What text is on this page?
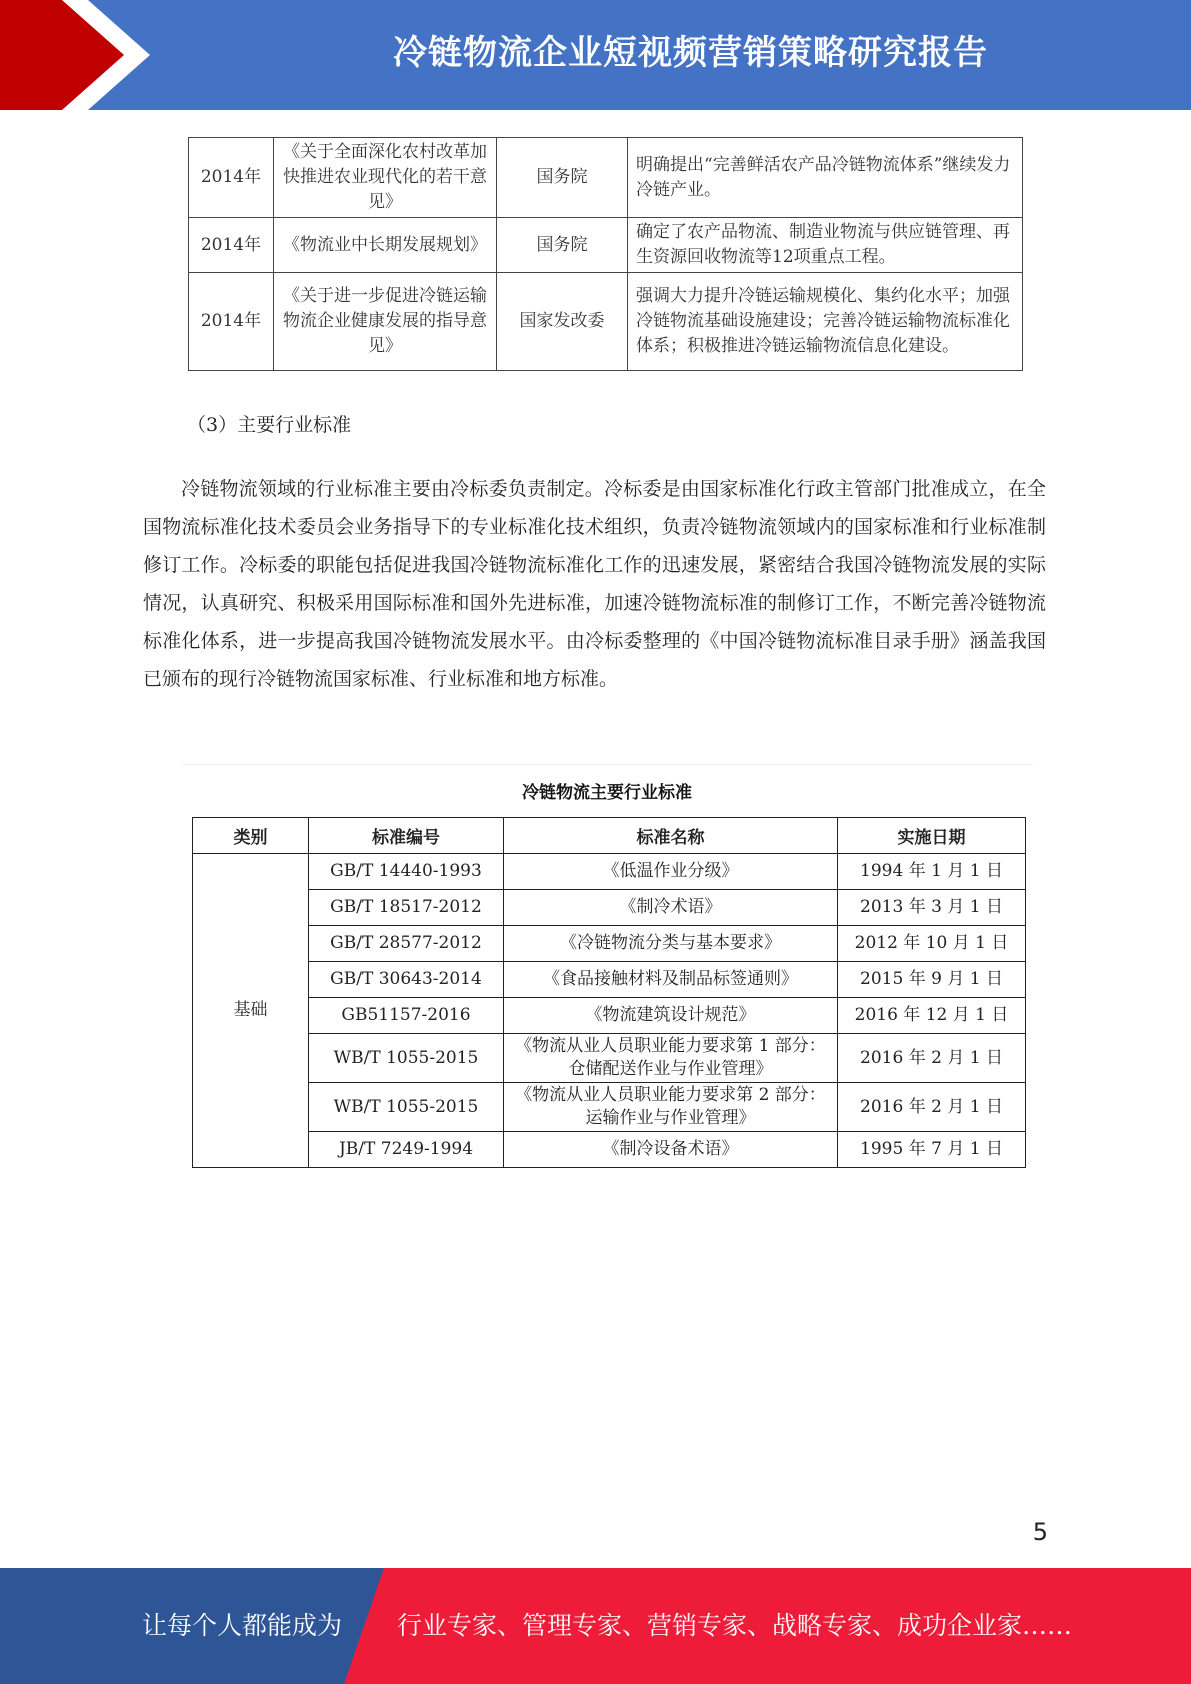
冷链物流企业短视频营销策略研究报告
2014年	《关于全面深化农村改革加快推进农业现代化的若干意见》	国务院	明确提出“完善鲜活农产品冷链物流体系”继续发力冷链产业。
2014年	《物流业中长期发展规划》	国务院	确定了农产品物流、制造业物流与供应链管理、再生资源回收物流等12项重点工程。
2014年	《关于进一步促进冷链运输物流企业健康发展的指导意见》	国家发改委	强调大力提升冷链运输规模化、集约化水平；加强冷链物流基础设施建设；完善冷链运输物流标准化体系；积极推进冷链运输物流信息化建设。
（3）主要行业标准

冷链物流领域的行业标准主要由冷标委负责制定。冷标委是由国家标准化行政主管部门批准成立，在全国物流标准化技术委员会业务指导下的专业标准化技术组织，负责冷链物流领域内的国家标准和行业标准制修订工作。冷标委的职能包括促进我国冷链物流标准化工作的迅速发展，紧密结合我国冷链物流发展的实际情况，认真研究、积极采用国际标准和国外先进标准，加速冷链物流标准的制修订工作，不断完善冷链物流标准化体系，进一步提高我国冷链物流发展水平。由冷标委整理的《中国冷链物流标准目录手册》涵盖我国已颁布的现行冷链物流国家标准、行业标准和地方标准。

冷链物流主要行业标准
类别	标准编号	标准名称	实施日期
基础	GB/T 14440-1993	《低温作业分级》	1994 年 1 月 1 日
	GB/T 18517-2012	《制冷术语》	2013 年 3 月 1 日
	GB/T 28577-2012	《冷链物流分类与基本要求》	2012 年 10 月 1 日
	GB/T 30643-2014	《食品接触材料及制品标签通则》	2015 年 9 月 1 日
	GB51157-2016	《物流建筑设计规范》	2016 年 12 月 1 日
	WB/T 1055-2015	《物流从业人员职业能力要求第 1 部分：仓储配送作业与作业管理》	2016 年 2 月 1 日
	WB/T 1055-2015	《物流从业人员职业能力要求第 2 部分：运输作业与作业管理》	2016 年 2 月 1 日
	JB/T 7249-1994	《制冷设备术语》	1995 年 7 月 1 日
5
让每个人都能成为 行业专家、管理专家、营销专家、战略专家、成功企业家……
